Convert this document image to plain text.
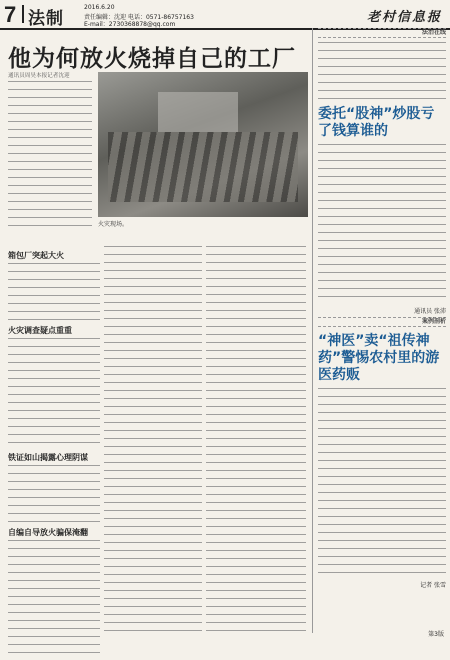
7 法制
2016.6.20
责任编辑：沈迎 电话：0571-86757163
E-mail：2730368878@qq.com	老村信息报
他为何放火烧掉自己的工厂

通讯员周昊本报记者沈迎

火灾现场。
箱包厂突起大火
火灾调查疑点重重
铁证如山揭露心理阴谋
自编自导放火骗保淹翻
法治在线
委托“股神”炒股亏了钱算谁的
通讯员 张沛
案例剖析
“神医”卖“祖传神药”警惕农村里的游医药贩
记者 张雪
第3版
